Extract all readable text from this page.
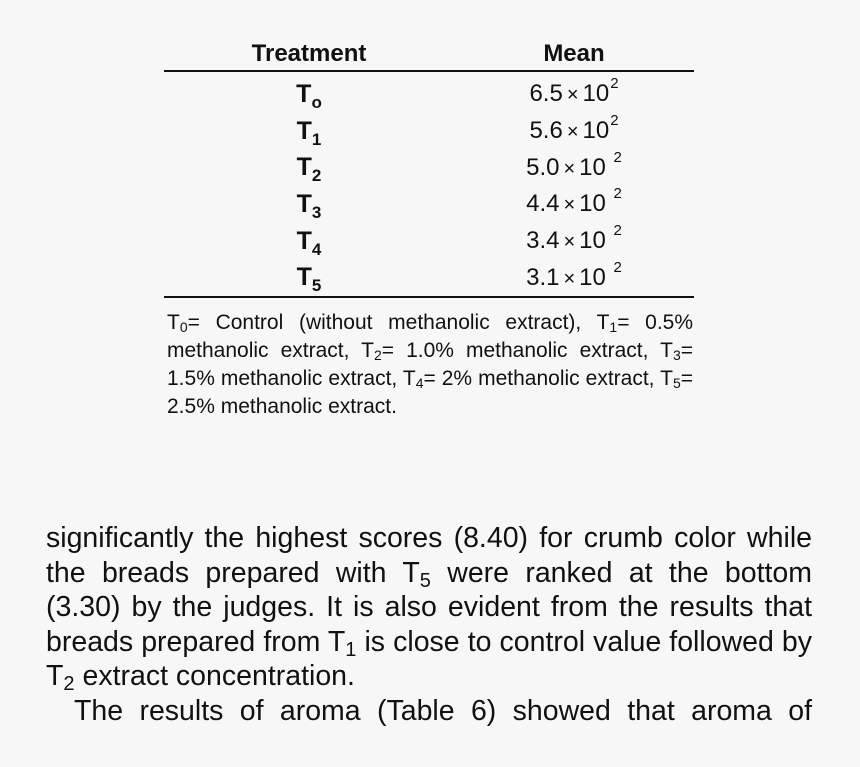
Treatment	Mean
$T_o$	$6.5 \times 10^2$
$T_1$	$5.6 \times 10^2$
$T_2$	5.0 × 10 $^2$
$T_3$	4.4 × 10 $^2$
$T_4$	3.4 × 10 $^2$
$T_5$	3.1 × 10 $^2$
$T_0=$ Control (without methanolic extract), $T_1= 0.5\%$ methanolic extract, $T_2= 1.0\%$ methanolic extract, $T_3= 1.5\%$ methanolic extract, $T_4= 2\%$ methanolic extract, $T_5= 2.5\%$ methanolic extract.

significantly the highest scores (8.40) for crumb color while the breads prepared with $T_5$ were ranked at the bottom (3.30) by the judges. It is also evident from the results that breads prepared from $T_1$ is close to control value followed by $T_2$ extract concentration.

The results of aroma (Table 6) showed that aroma of
